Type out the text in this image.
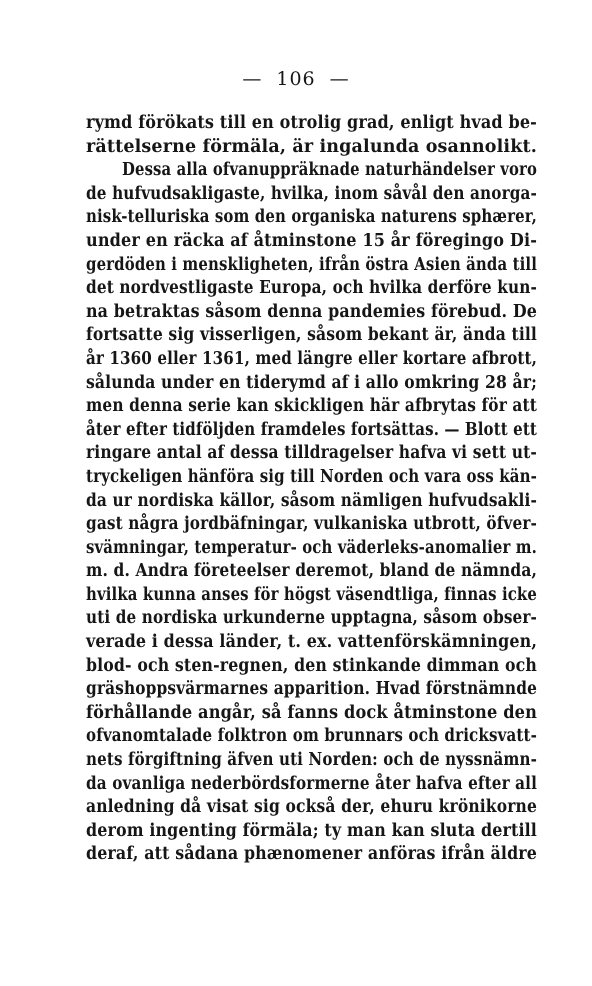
— 106 —
rymd förökats till en otrolig grad, enligt hvad be-
rättelserne förmäla, är ingalunda osannolikt.
Dessa alla ofvanuppräknade naturhändelser voro
de hufvudsakligaste, hvilka, inom såvål den anorga-
nisk-telluriska som den organiska naturens sphærer,
under en räcka af åtminstone 15 år föregingo Di-
gerdöden i menskligheten, ifrån östra Asien ända till
det nordvestligaste Europa, och hvilka derföre kun-
na betraktas såsom denna pandemies förebud. De
fortsatte sig visserligen, såsom bekant är, ända till
år 1360 eller 1361, med längre eller kortare afbrott,
sålunda under en tiderymd af i allo omkring 28 år;
men denna serie kan skickligen här afbrytas för att
åter efter tidföljden framdeles fortsättas. — Blott ett
ringare antal af dessa tilldragelser hafva vi sett ut-
tryckeligen hänföra sig till Norden och vara oss kän-
da ur nordiska källor, såsom nämligen hufvudsakli-
gast några jordbäfningar, vulkaniska utbrott, öfver-
svämningar, temperatur- och väderleks-anomalier m.
m. d. Andra företeelser deremot, bland de nämnda,
hvilka kunna anses för högst väsendtliga, finnas icke
uti de nordiska urkunderne upptagna, såsom obser-
verade i dessa länder, t. ex. vattenförskämningen,
blod- och sten-regnen, den stinkande dimman och
gräshoppsvärmarnes apparition. Hvad förstnämnde
förhållande angår, så fanns dock åtminstone den
ofvanomtalade folktron om brunnars och dricksvatt-
nets förgiftning äfven uti Norden: och de nyssnämn-
da ovanliga nederbördsformerne åter hafva efter all
anledning då visat sig också der, ehuru krönikorne
derom ingenting förmäla; ty man kan sluta dertill
deraf, att sådana phænomener anföras ifrån äldre
